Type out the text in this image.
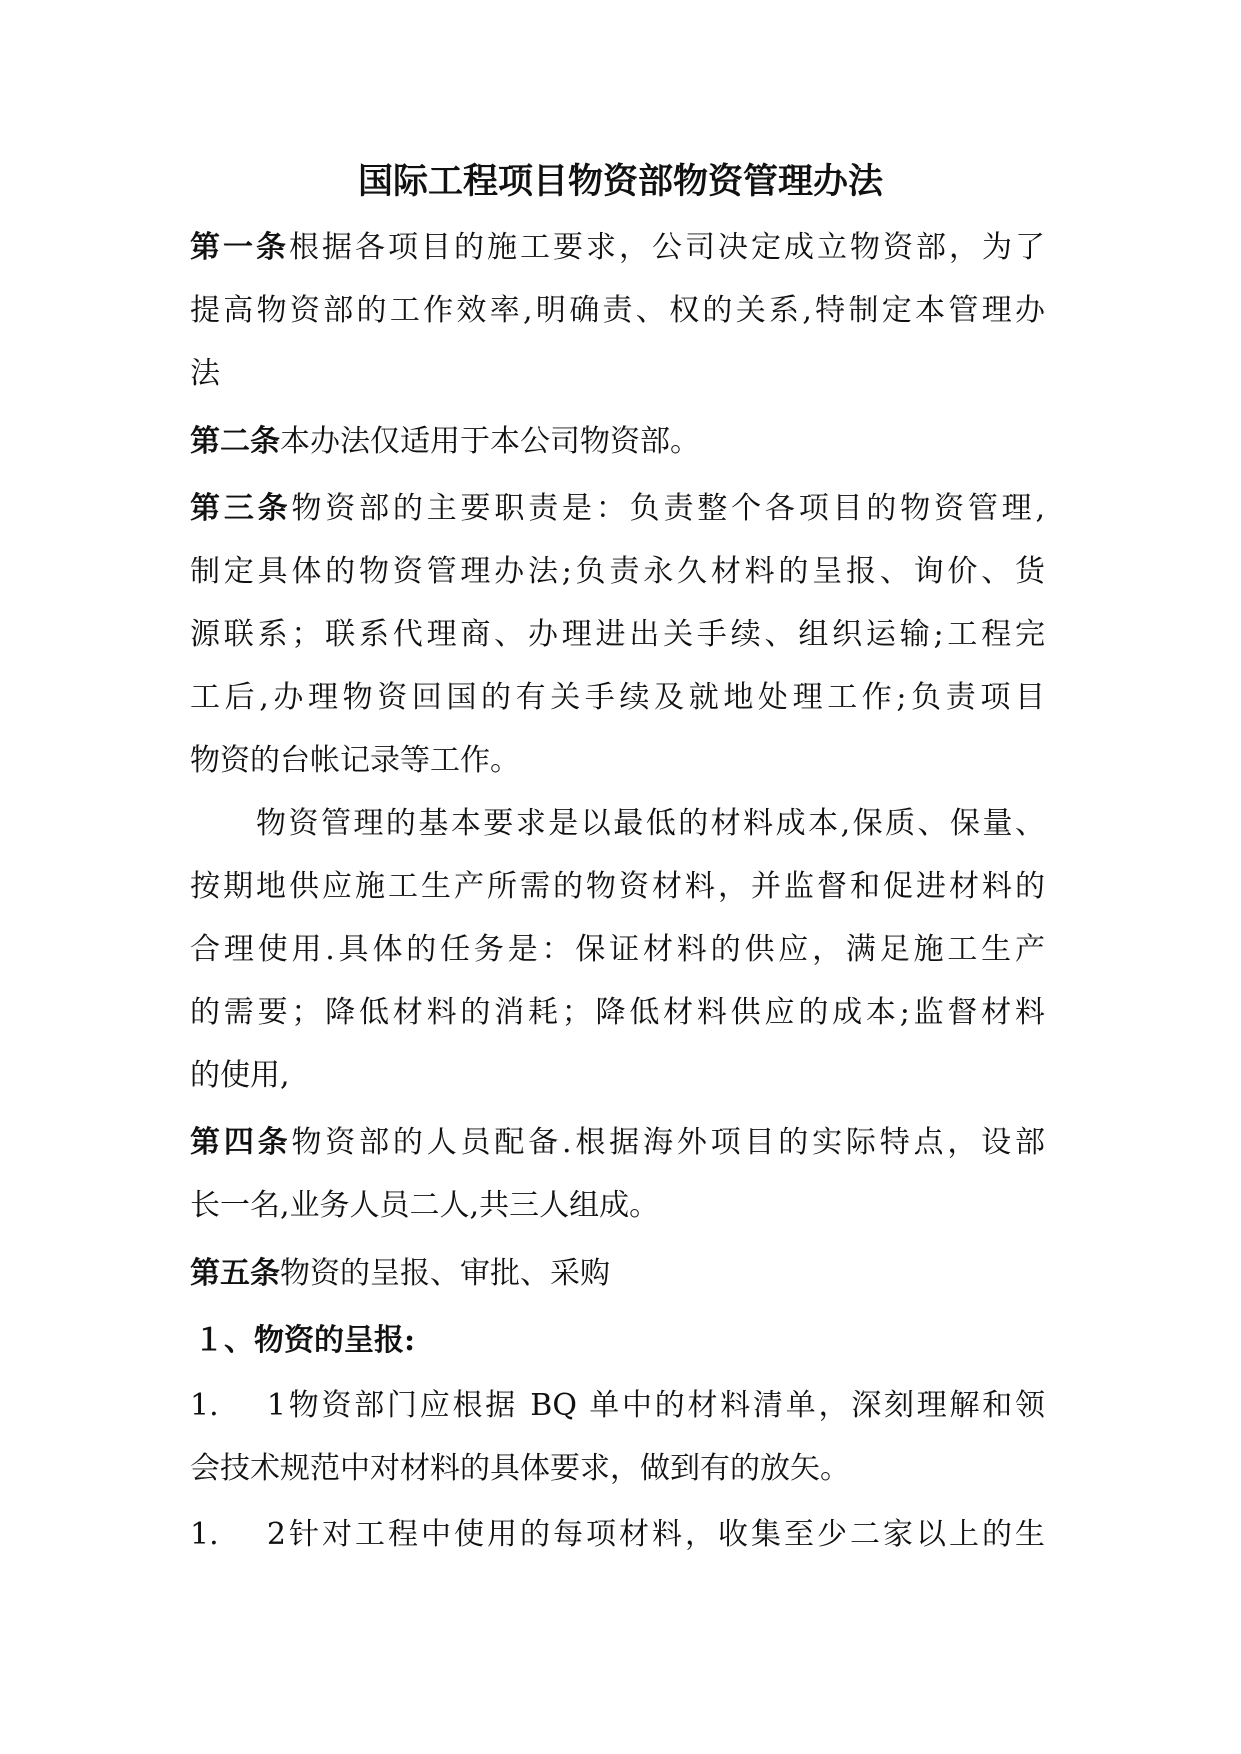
国际工程项目物资部物资管理办法
第一条根据各项目的施工要求，公司决定成立物资部，为了
提高物资部的工作效率,明确责、权的关系,特制定本管理办
法
第二条本办法仅适用于本公司物资部。
第三条物资部的主要职责是：负责整个各项目的物资管理,
制定具体的物资管理办法;负责永久材料的呈报、询价、货
源联系；联系代理商、办理进出关手续、组织运输;工程完
工后,办理物资回国的有关手续及就地处理工作;负责项目
物资的台帐记录等工作。
物资管理的基本要求是以最低的材料成本,保质、保量、
按期地供应施工生产所需的物资材料，并监督和促进材料的
合理使用.具体的任务是：保证材料的供应，满足施工生产
的需要；降低材料的消耗；降低材料供应的成本;监督材料
的使用,
第四条物资部的人员配备.根据海外项目的实际特点，设部
长一名,业务人员二人,共三人组成。
第五条物资的呈报、审批、采购
１、物资的呈报:
1. 1物资部门应根据 BQ 单中的材料清单，深刻理解和领
会技术规范中对材料的具体要求，做到有的放矢。
1. 2针对工程中使用的每项材料，收集至少二家以上的生
